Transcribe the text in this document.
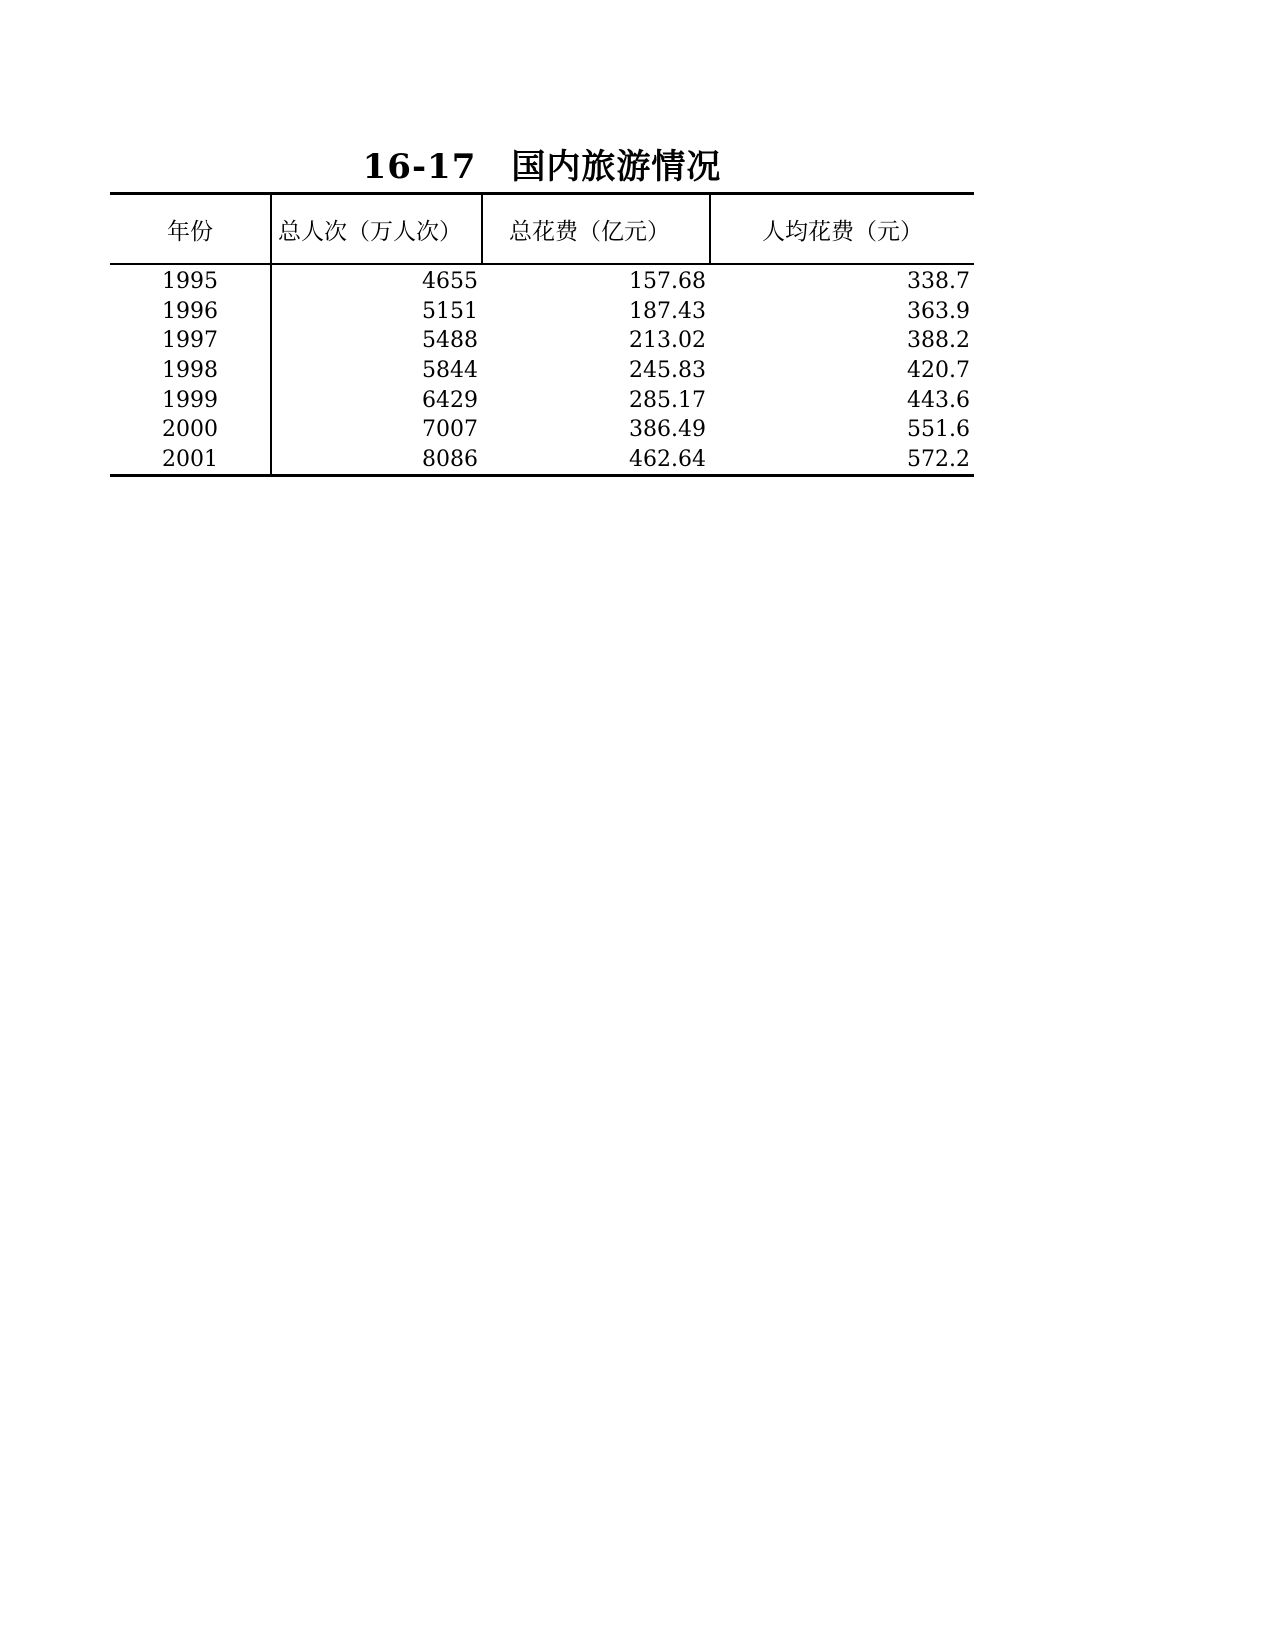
16-17　国内旅游情况
年份	总人次（万人次）	总花费（亿元）	人均花费（元）
1995	4655	157.68	338.7
1996	5151	187.43	363.9
1997	5488	213.02	388.2
1998	5844	245.83	420.7
1999	6429	285.17	443.6
2000	7007	386.49	551.6
2001	8086	462.64	572.2
